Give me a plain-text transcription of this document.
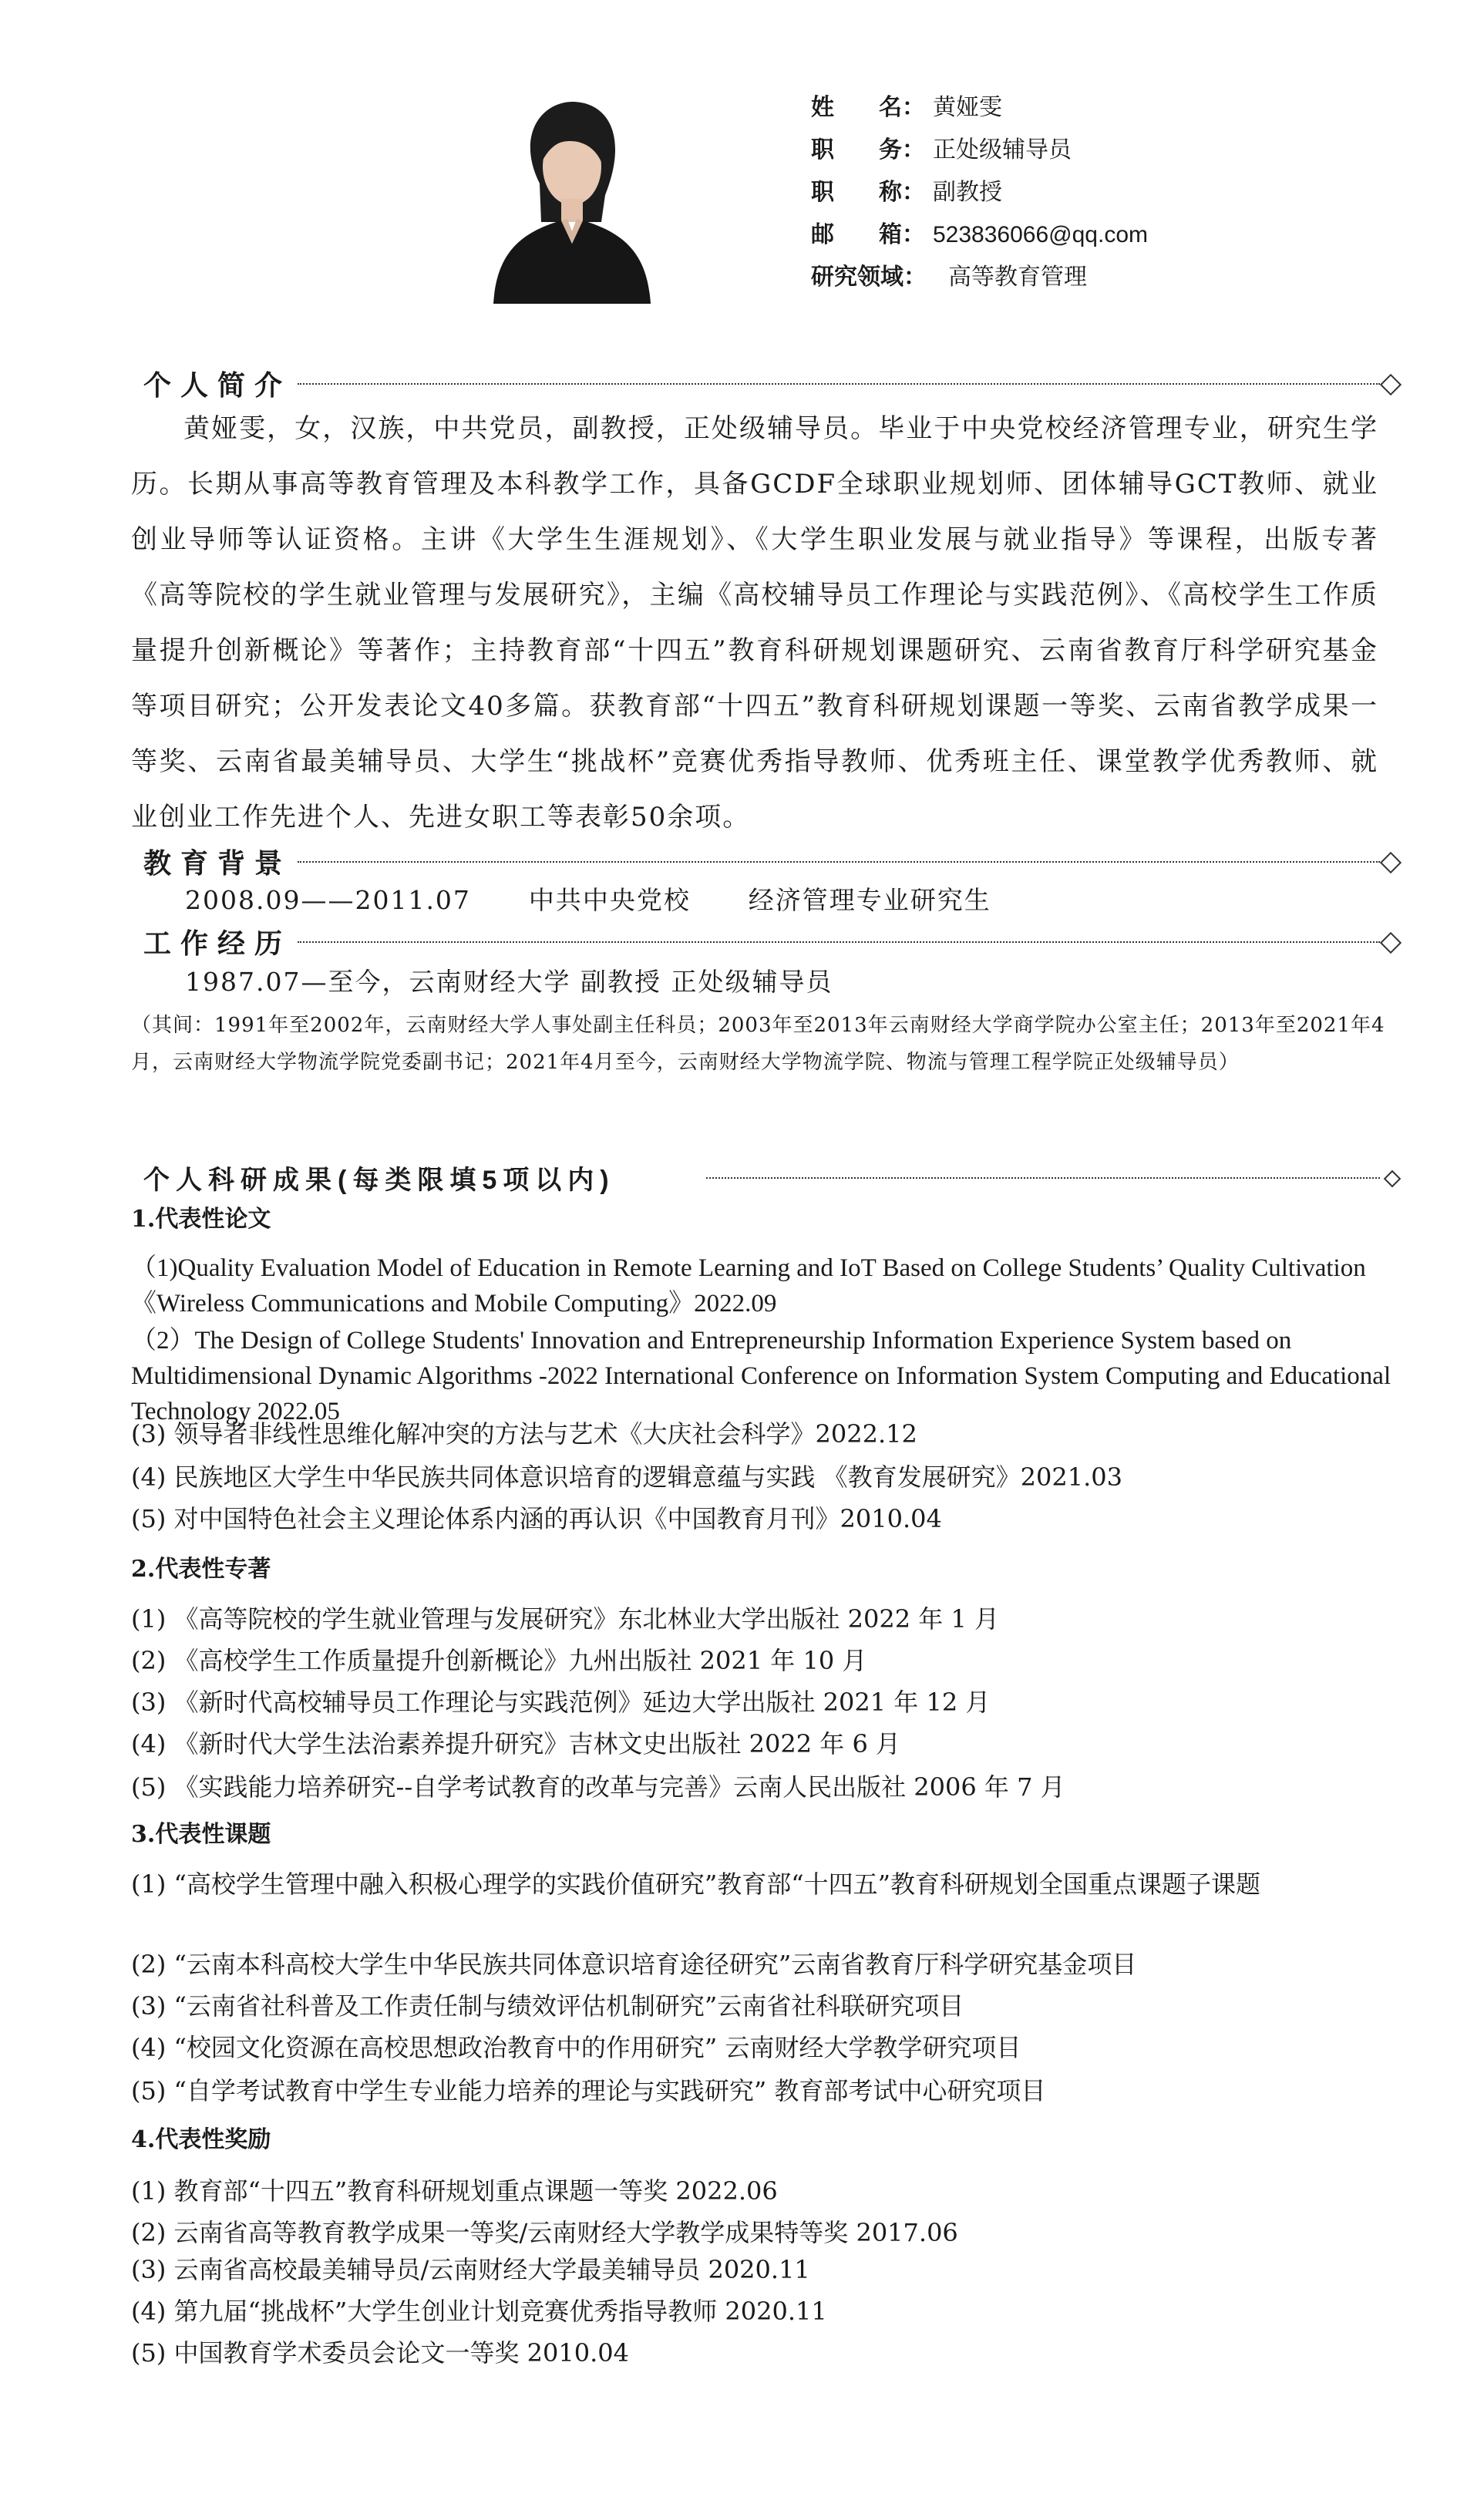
姓 名： 黄娅雯
职 务： 正处级辅导员
职 称： 副教授
邮 箱： 523836066@qq.com
研究领域： 高等教育管理
个人简介

黄娅雯，女，汉族，中共党员，副教授，正处级辅导员。毕业于中央党校经济管理专业，研究生学历。长期从事高等教育管理及本科教学工作，具备GCDF全球职业规划师、团体辅导GCT教师、就业创业导师等认证资格。主讲《大学生生涯规划》、《大学生职业发展与就业指导》等课程，出版专著《高等院校的学生就业管理与发展研究》，主编《高校辅导员工作理论与实践范例》、《高校学生工作质量提升创新概论》等著作；主持教育部“十四五”教育科研规划课题研究、云南省教育厅科学研究基金等项目研究；公开发表论文40多篇。获教育部“十四五”教育科研规划课题一等奖、云南省教学成果一等奖、云南省最美辅导员、大学生“挑战杯”竞赛优秀指导教师、优秀班主任、课堂教学优秀教师、就业创业工作先进个人、先进女职工等表彰50余项。

教育背景
2008.09——2011.07      中共中央党校      经济管理专业研究生
工作经历
1987.07—至今，云南财经大学 副教授 正处级辅导员
（其间：1991年至2002年，云南财经大学人事处副主任科员；2003年至2013年云南财经大学商学院办公室主任；2013年至2021年4月，云南财经大学物流学院党委副书记；2021年4月至今，云南财经大学物流学院、物流与管理工程学院正处级辅导员）
个人科研成果(每类限填5项以内)
1.代表性论文
（1)Quality Evaluation Model of Education in Remote Learning and IoT Based on College Students’ Quality Cultivation《Wireless Communications and Mobile Computing》2022.09
（2）The Design of College Students' Innovation and Entrepreneurship Information Experience System based on Multidimensional Dynamic Algorithms -2022 International Conference on Information System Computing and Educational Technology 2022.05
(3) 领导者非线性思维化解冲突的方法与艺术《大庆社会科学》2022.12
(4) 民族地区大学生中华民族共同体意识培育的逻辑意蕴与实践 《教育发展研究》2021.03
(5) 对中国特色社会主义理论体系内涵的再认识《中国教育月刊》2010.04
2.代表性专著
(1) 《高等院校的学生就业管理与发展研究》东北林业大学出版社 2022 年 1 月
(2) 《高校学生工作质量提升创新概论》九州出版社 2021 年 10 月
(3) 《新时代高校辅导员工作理论与实践范例》延边大学出版社 2021 年 12 月
(4) 《新时代大学生法治素养提升研究》吉林文史出版社 2022 年 6 月
(5) 《实践能力培养研究--自学考试教育的改革与完善》云南人民出版社 2006 年 7 月
3.代表性课题
(1) “高校学生管理中融入积极心理学的实践价值研究”教育部“十四五”教育科研规划全国重点课题子课题
(2) “云南本科高校大学生中华民族共同体意识培育途径研究”云南省教育厅科学研究基金项目
(3) “云南省社科普及工作责任制与绩效评估机制研究”云南省社科联研究项目
(4) “校园文化资源在高校思想政治教育中的作用研究” 云南财经大学教学研究项目
(5) “自学考试教育中学生专业能力培养的理论与实践研究” 教育部考试中心研究项目
4.代表性奖励
(1) 教育部“十四五”教育科研规划重点课题一等奖 2022.06
(2) 云南省高等教育教学成果一等奖/云南财经大学教学成果特等奖 2017.06
(3) 云南省高校最美辅导员/云南财经大学最美辅导员 2020.11
(4) 第九届“挑战杯”大学生创业计划竞赛优秀指导教师 2020.11
(5) 中国教育学术委员会论文一等奖 2010.04
